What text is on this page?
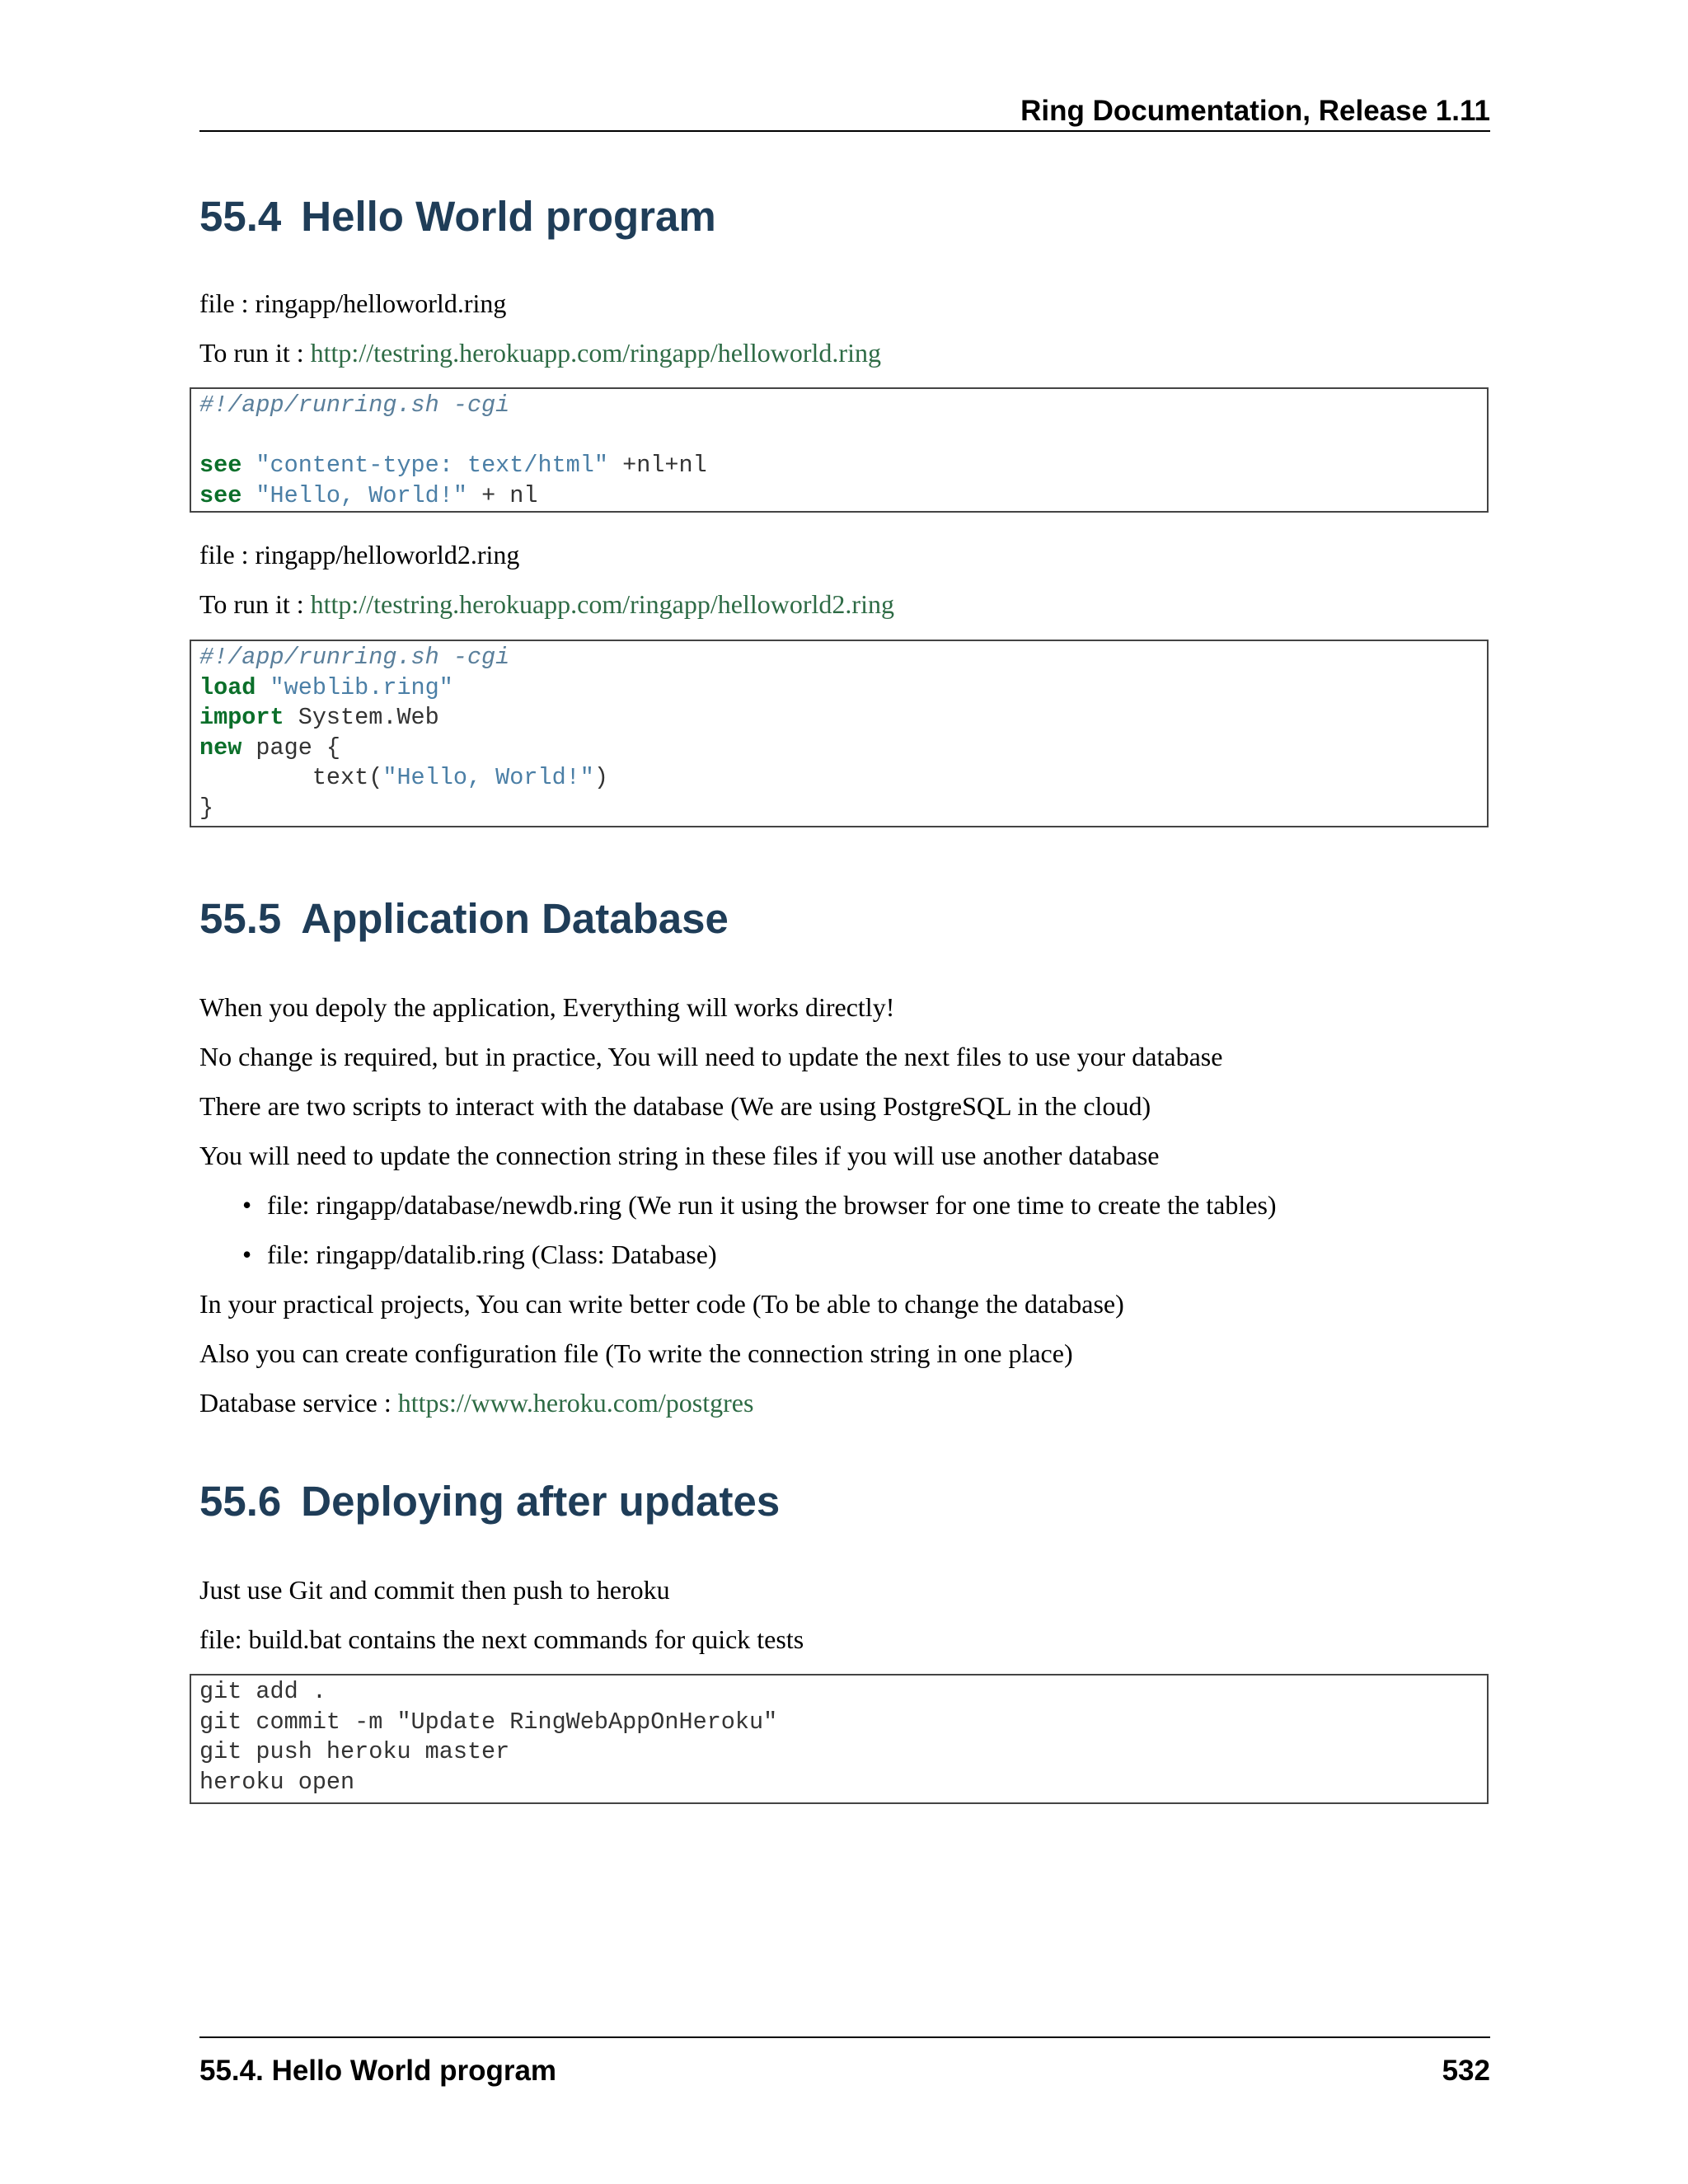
Ring Documentation, Release 1.11
55.4 Hello World program

file : ringapp/helloworld.ring

To run it : http://testring.herokuapp.com/ringapp/helloworld.ring

#!/app/runring.sh -cgi
see "content-type: text/html" +nl+nl
see "Hello, World!" + nl

file : ringapp/helloworld2.ring

To run it : http://testring.herokuapp.com/ringapp/helloworld2.ring

#!/app/runring.sh -cgi
load "weblib.ring"
import System.Web
new page {
text("Hello, World!")
}
55.5 Application Database

When you depoly the application, Everything will works directly!

No change is required, but in practice, You will need to update the next files to use your database

There are two scripts to interact with the database (We are using PostgreSQL in the cloud)

You will need to update the connection string in these files if you will use another database

• file: ringapp/database/newdb.ring (We run it using the browser for one time to create the tables)
• file: ringapp/datalib.ring (Class: Database)

In your practical projects, You can write better code (To be able to change the database)

Also you can create configuration file (To write the connection string in one place)

Database service : https://www.heroku.com/postgres

55.6 Deploying after updates

Just use Git and commit then push to heroku

file: build.bat contains the next commands for quick tests

git add .
git commit -m "Update RingWebAppOnHeroku"
git push heroku master
heroku open
55.4. Hello World program	532
